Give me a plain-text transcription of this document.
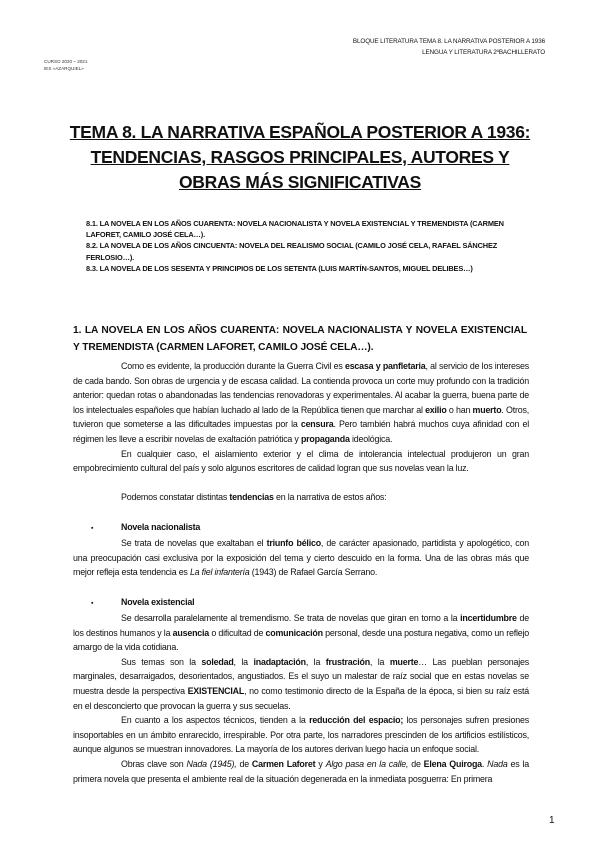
BLOQUE LITERATURA TEMA 8. LA NARRATIVA POSTERIOR A 1936
LENGUA Y LITERATURA 2ºBACHILLERATO
CURSO 2020 – 2021
IES «AZARQUIEL»
TEMA 8. LA NARRATIVA ESPAÑOLA POSTERIOR A 1936: TENDENCIAS, RASGOS PRINCIPALES, AUTORES Y OBRAS MÁS SIGNIFICATIVAS
8.1. LA NOVELA EN LOS AÑOS CUARENTA: NOVELA NACIONALISTA Y NOVELA EXISTENCIAL Y TREMENDISTA (CARMEN LAFORET, CAMILO JOSÉ CELA…).
8.2. LA NOVELA DE LOS AÑOS CINCUENTA: NOVELA DEL REALISMO SOCIAL (CAMILO JOSÉ CELA, RAFAEL SÁNCHEZ FERLOSIO…).
8.3. LA NOVELA DE LOS SESENTA Y PRINCIPIOS DE LOS SETENTA (LUIS MARTÍN-SANTOS, MIGUEL DELIBES…)
1. LA NOVELA EN LOS AÑOS CUARENTA: NOVELA NACIONALISTA Y NOVELA EXISTENCIAL Y TREMENDISTA (CARMEN LAFORET, CAMILO JOSÉ CELA…).

Como es evidente, la producción durante la Guerra Civil es escasa y panfletaria, al servicio de los intereses de cada bando. Son obras de urgencia y de escasa calidad. La contienda provoca un corte muy profundo con la tradición anterior: quedan rotas o abandonadas las tendencias renovadoras y experimentales. Al acabar la guerra, buena parte de los intelectuales españoles que habían luchado al lado de la República tienen que marchar al exilio o han muerto. Otros, tuvieron que someterse a las dificultades impuestas por la censura. Pero también habrá muchos cuya afinidad con el régimen les lleve a escribir novelas de exaltación patriótica y propaganda ideológica.

En cualquier caso, el aislamiento exterior y el clima de intolerancia intelectual produjeron un gran empobrecimiento cultural del país y solo algunos escritores de calidad logran que sus novelas vean la luz.

Podemos constatar distintas tendencias en la narrativa de estos años:

▪	Novela nacionalista

Se trata de novelas que exaltaban el triunfo bélico, de carácter apasionado, partidista y apologético, con una preocupación casi exclusiva por la exposición del tema y cierto descuido en la forma. Una de las obras más que mejor refleja esta tendencia es La fiel infantería (1943) de Rafael García Serrano.

▪	Novela existencial

Se desarrolla paralelamente al tremendismo. Se trata de novelas que giran en torno a la incertidumbre de los destinos humanos y la ausencia o dificultad de comunicación personal, desde una postura negativa, como un reflejo amargo de la vida cotidiana.

Sus temas son la soledad, la inadaptación, la frustración, la muerte… Las pueblan personajes marginales, desarraigados, desorientados, angustiados. Es el suyo un malestar de raíz social que en estas novelas se muestra desde la perspectiva EXISTENCIAL, no como testimonio directo de la España de la época, si bien su raíz está en el desconcierto que provocan la guerra y sus secuelas.

En cuanto a los aspectos técnicos, tienden a la reducción del espacio; los personajes sufren presiones insoportables en un ámbito enrarecido, irrespirable. Por otra parte, los narradores prescinden de los artificios estilísticos, aunque algunos se muestran innovadores. La mayoría de los autores derivan luego hacia un enfoque social.

Obras clave son Nada (1945), de Carmen Laforet y Algo pasa en la calle, de Elena Quiroga. Nada es la primera novela que presenta el ambiente real de la situación degenerada en la inmediata posguerra: En primera

1
